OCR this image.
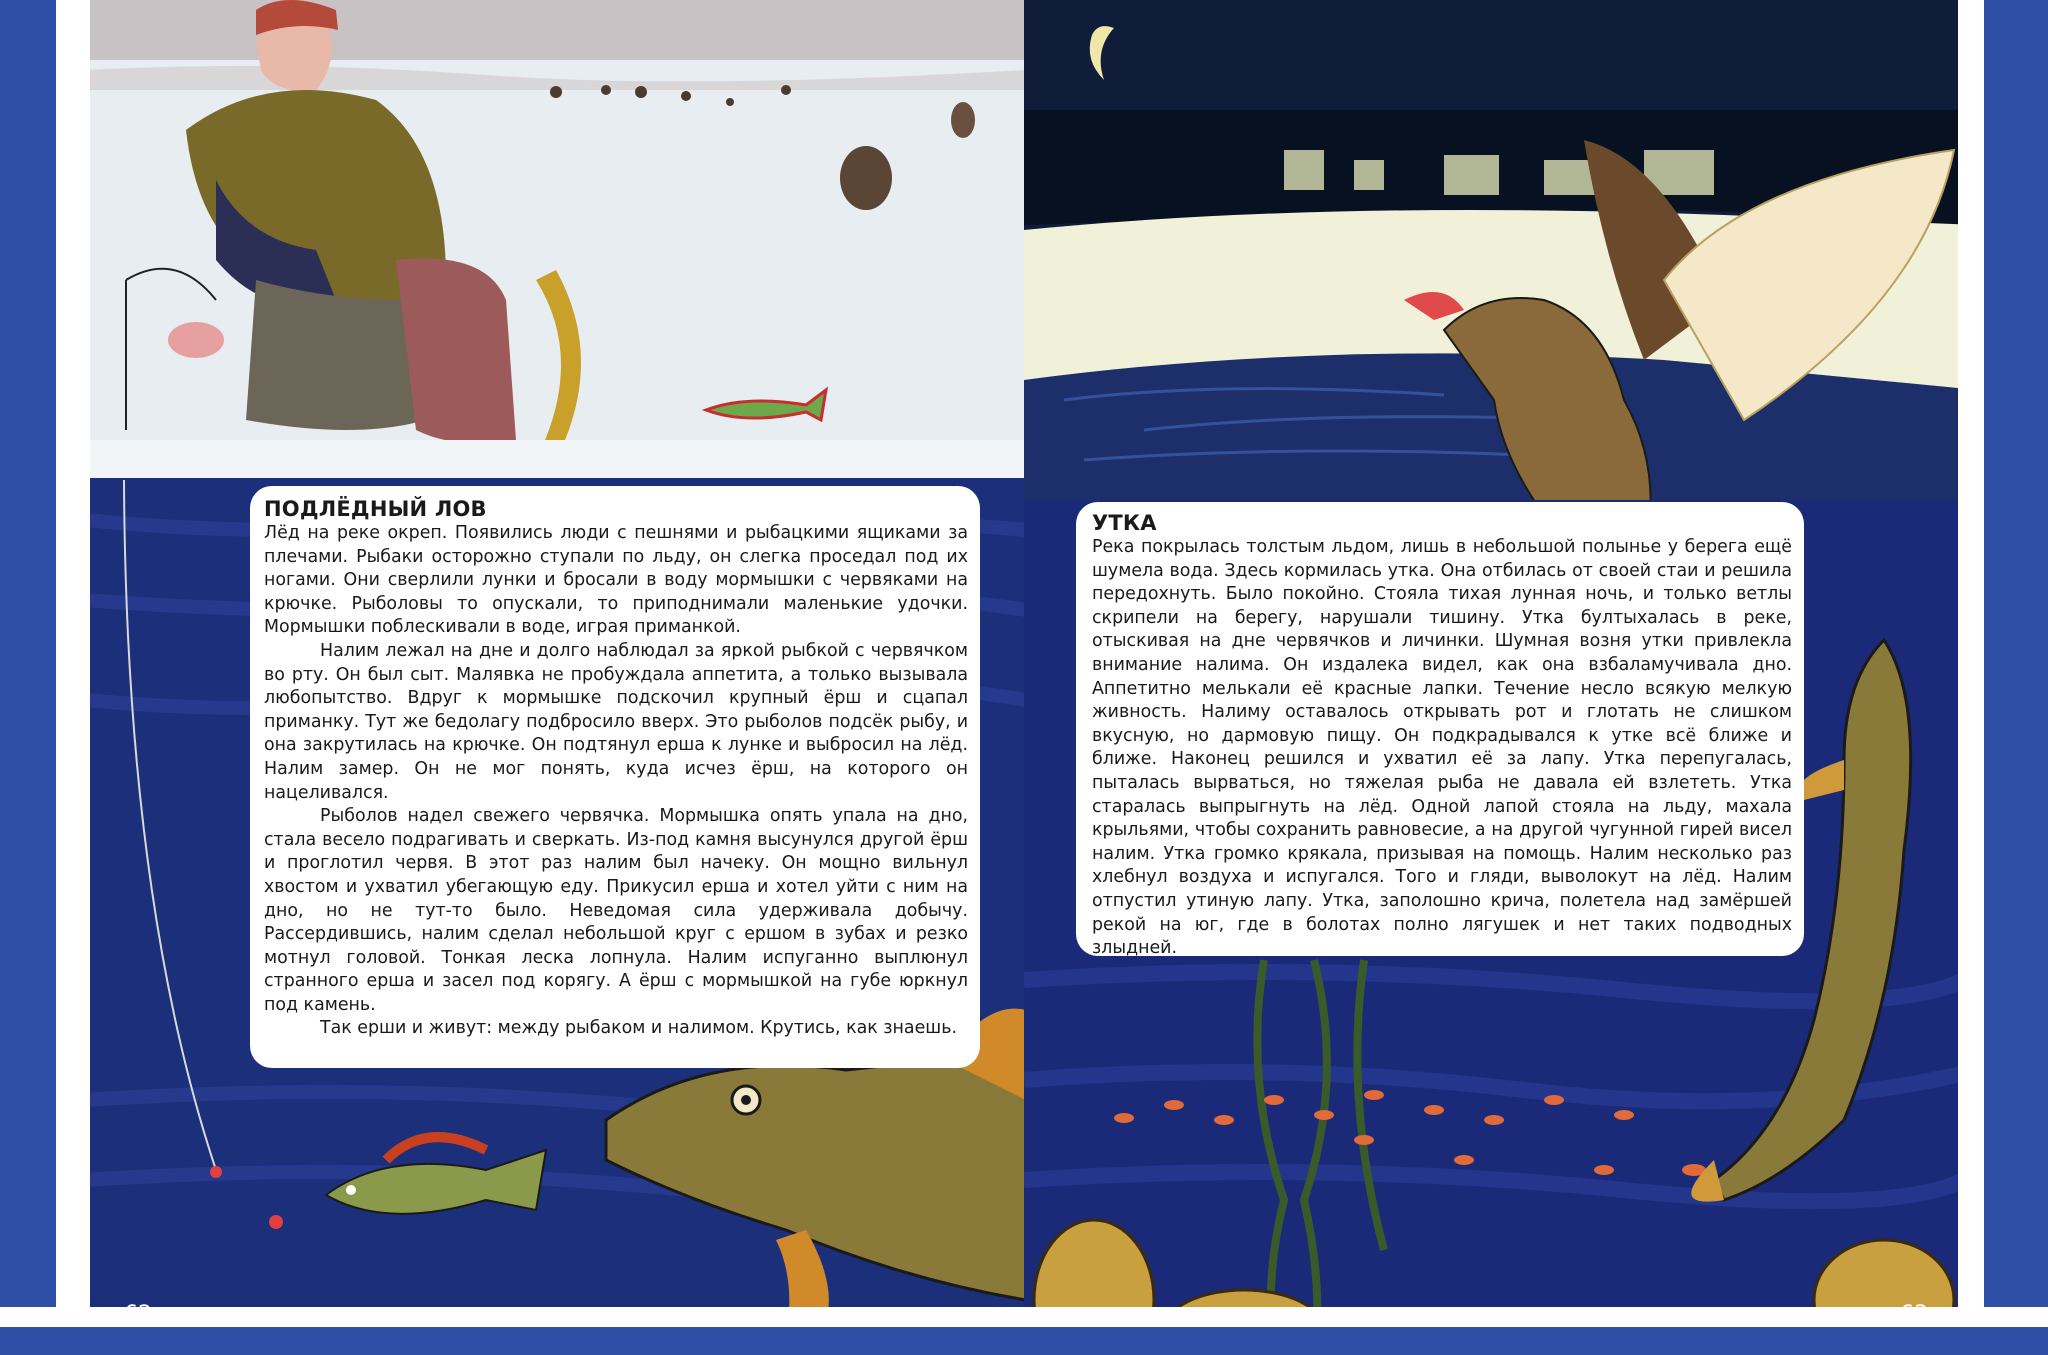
ПОДЛЁДНЫЙ ЛОВ

Лёд на реке окреп. Появились люди с пешнями и рыбацкими ящиками за плечами. Рыбаки осторожно ступали по льду, он слегка проседал под их ногами. Они сверлили лунки и бросали в воду мормышки с червяками на крючке. Рыболовы то опускали, то приподнимали маленькие удочки. Мормышки поблескивали в воде, играя приманкой.

Налим лежал на дне и долго наблюдал за яркой рыбкой с червячком во рту. Он был сыт. Малявка не пробуждала аппетита, а только вызывала любопытство. Вдруг к мормышке подскочил крупный ёрш и сцапал приманку. Тут же бедолагу подбросило вверх. Это рыболов подсёк рыбу, и она закрутилась на крючке. Он подтянул ерша к лунке и выбросил на лёд. Налим замер. Он не мог понять, куда исчез ёрш, на которого он нацеливался.

Рыболов надел свежего червячка. Мормышка опять упала на дно, стала весело подрагивать и сверкать. Из-под камня высунулся другой ёрш и проглотил червя. В этот раз налим был начеку. Он мощно вильнул хвостом и ухватил убегающую еду. Прикусил ерша и хотел уйти с ним на дно, но не тут-то было. Неведомая сила удерживала добычу. Рассердившись, налим сделал небольшой круг с ершом в зубах и резко мотнул головой. Тонкая леска лопнула. Налим испуганно выплюнул странного ерша и засел под корягу. А ёрш с мормышкой на губе юркнул под камень.

Так ерши и живут: между рыбаком и налимом. Крутись, как знаешь.

УТКА

Река покрылась толстым льдом, лишь в небольшой полынье у берега ещё шумела вода. Здесь кормилась утка. Она отбилась от своей стаи и решила передохнуть. Было покойно. Стояла тихая лунная ночь, и только ветлы скрипели на берегу, нарушали тишину. Утка бултыхалась в реке, отыскивая на дне червячков и личинки. Шумная возня утки привлекла внимание налима. Он издалека видел, как она взбаламучивала дно. Аппетитно мелькали её красные лапки. Течение несло всякую мелкую живность. Налиму оставалось открывать рот и глотать не слишком вкусную, но дармовую пищу. Он подкрадывался к утке всё ближе и ближе. Наконец решился и ухватил её за лапу. Утка перепугалась, пыталась вырваться, но тяжелая рыба не давала ей взлететь. Утка старалась выпрыгнуть на лёд. Одной лапой стояла на льду, махала крыльями, чтобы сохранить равновесие, а на другой чугунной гирей висел налим. Утка громко крякала, призывая на помощь. Налим несколько раз хлебнул воздуха и испугался. Того и гляди, выволокут на лёд. Налим отпустил утиную лапу. Утка, заполошно крича, полетела над замёршей рекой на юг, где в болотах полно лягушек и нет таких подводных злыдней.

62	63
